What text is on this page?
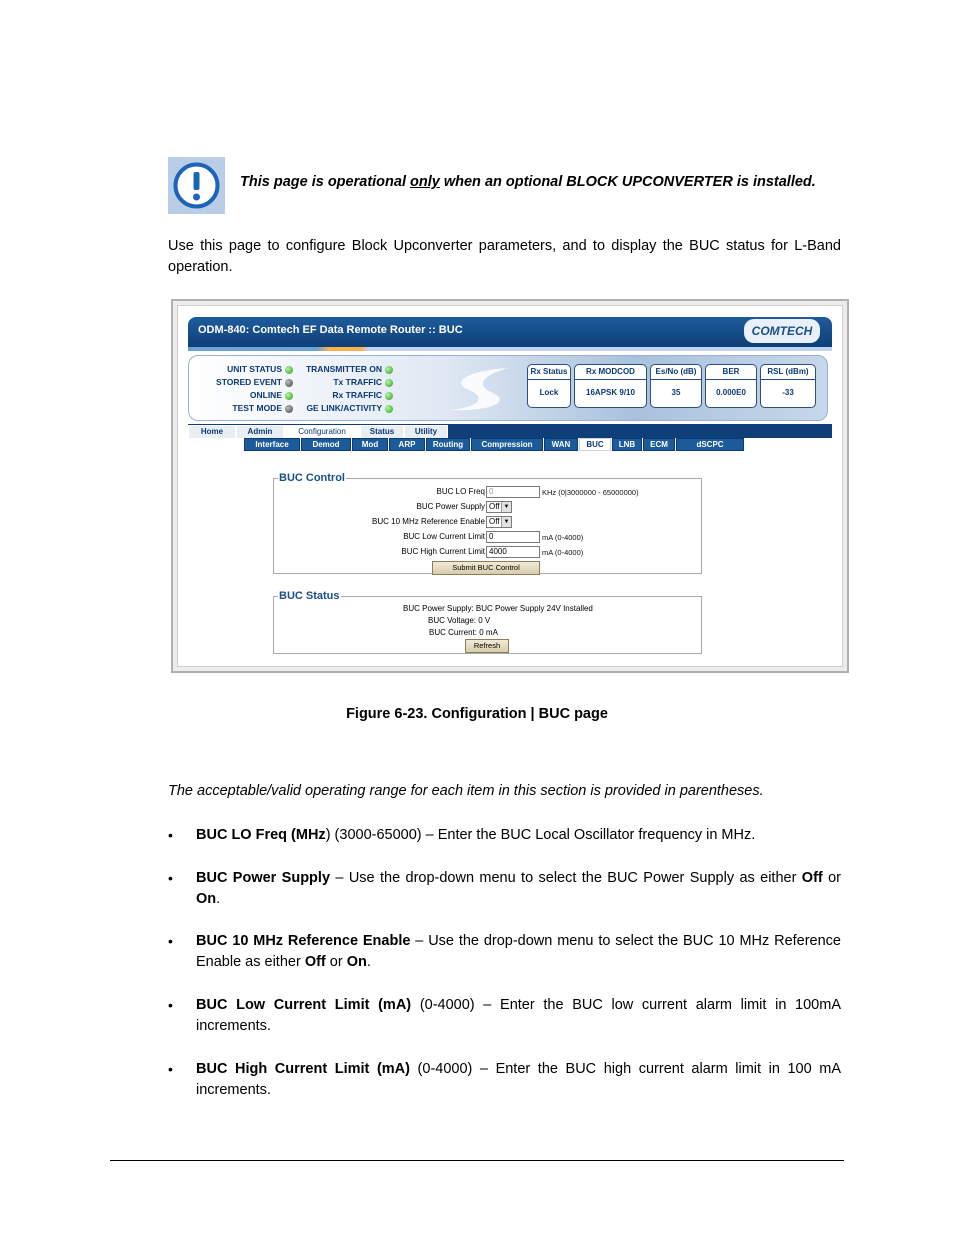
This page is operational only when an optional BLOCK UPCONVERTER is installed.
Use this page to configure Block Upconverter parameters, and to display the BUC status for L-Band operation.
ODM-840: Comtech EF Data Remote Router :: BUC	COMTECH
UNIT STATUS
STORED EVENT
ONLINE
TEST MODE
TRANSMITTER ON
Tx TRAFFIC
Rx TRAFFIC
GE LINK/ACTIVITY
Rx Status
Lock
Rx MODCOD
16APSK 9/10
Es/No (dB)
35
BER
0.000E0
RSL (dBm)
-33
Home	Admin	Configuration	Status	Utility
Interface	Demod	Mod	ARP	Routing	Compression	WAN	BUC	LNB	ECM	dSCPC
BUC Control
BUC LO Freq 0	KHz (0|3000000 - 65000000)
BUC Power Supply Off ▼
BUC 10 MHz Reference Enable Off ▼
BUC Low Current Limit 0	mA (0-4000)
BUC High Current Limit 4000	mA (0-4000)
Submit BUC Control
BUC Status
BUC Power Supply: BUC Power Supply 24V Installed
BUC Voltage: 0 V
BUC Current: 0 mA
Refresh
Figure 6-23. Configuration | BUC page
The acceptable/valid operating range for each item in this section is provided in parentheses.
• BUC LO Freq (MHz) (3000-65000) – Enter the BUC Local Oscillator frequency in MHz.
• BUC Power Supply – Use the drop-down menu to select the BUC Power Supply as either Off or On.
• BUC 10 MHz Reference Enable – Use the drop-down menu to select the BUC 10 MHz Reference Enable as either Off or On.
• BUC Low Current Limit (mA) (0-4000) – Enter the BUC low current alarm limit in 100mA increments.
• BUC High Current Limit (mA) (0-4000) – Enter the BUC high current alarm limit in 100 mA increments.
